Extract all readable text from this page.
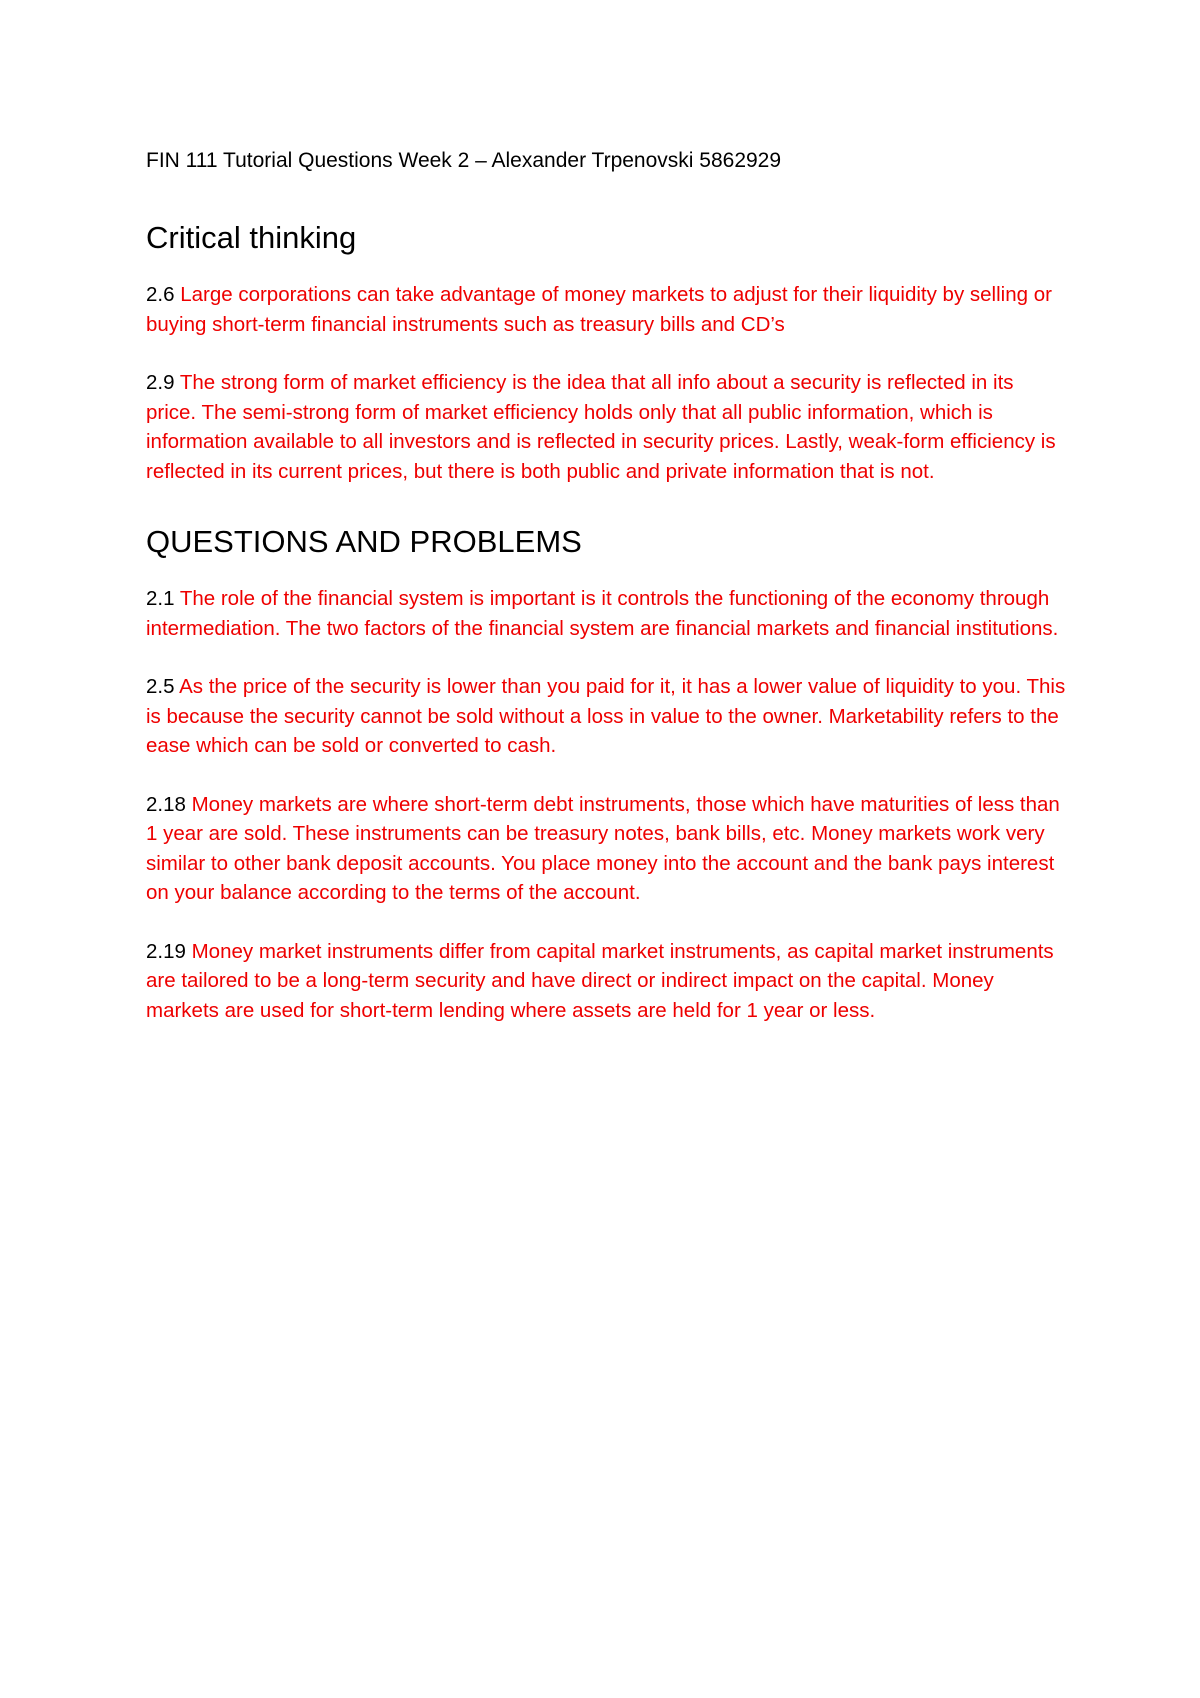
FIN 111 Tutorial Questions Week 2 – Alexander Trpenovski 5862929
Critical thinking

2.6 Large corporations can take advantage of money markets to adjust for their liquidity by selling or buying short-term financial instruments such as treasury bills and CD’s

2.9 The strong form of market efficiency is the idea that all info about a security is reflected in its price. The semi-strong form of market efficiency holds only that all public information, which is information available to all investors and is reflected in security prices. Lastly, weak-form efficiency is reflected in its current prices, but there is both public and private information that is not.

QUESTIONS AND PROBLEMS

2.1 The role of the financial system is important is it controls the functioning of the economy through intermediation. The two factors of the financial system are financial markets and financial institutions.

2.5 As the price of the security is lower than you paid for it, it has a lower value of liquidity to you. This is because the security cannot be sold without a loss in value to the owner. Marketability refers to the ease which can be sold or converted to cash.

2.18 Money markets are where short-term debt instruments, those which have maturities of less than 1 year are sold. These instruments can be treasury notes, bank bills, etc. Money markets work very similar to other bank deposit accounts. You place money into the account and the bank pays interest on your balance according to the terms of the account.

2.19 Money market instruments differ from capital market instruments, as capital market instruments are tailored to be a long-term security and have direct or indirect impact on the capital. Money markets are used for short-term lending where assets are held for 1 year or less.
